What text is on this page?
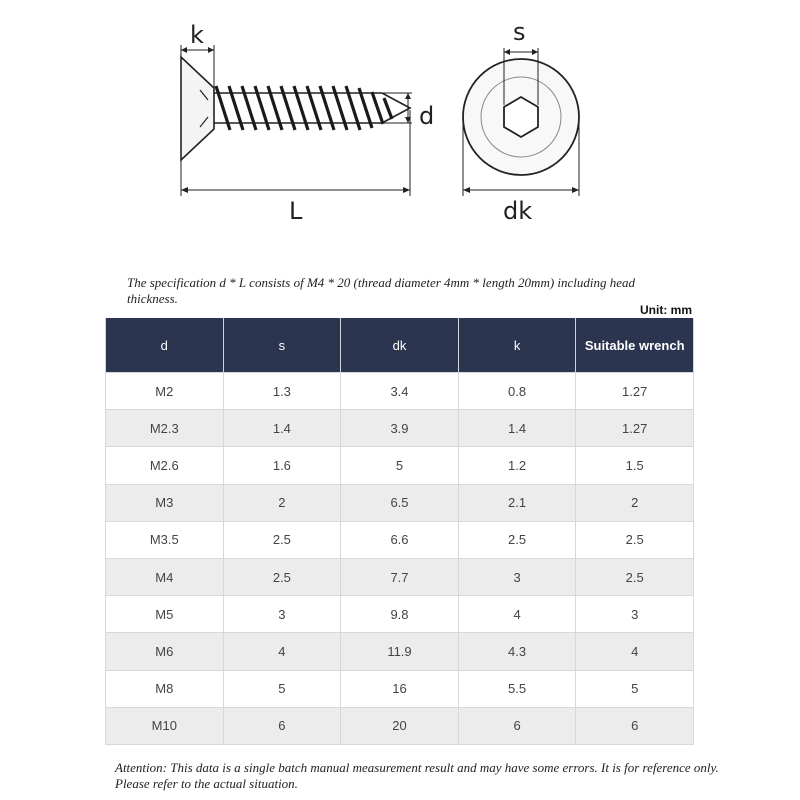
k
d
L
s
dk

The specification d * L consists of M4 * 20 (thread diameter 4mm * length 20mm) including head thickness.

Unit: mm
d	s	dk	k	Suitable wrench
M2	1.3	3.4	0.8	1.27
M2.3	1.4	3.9	1.4	1.27
M2.6	1.6	5	1.2	1.5
M3	2	6.5	2.1	2
M3.5	2.5	6.6	2.5	2.5
M4	2.5	7.7	3	2.5
M5	3	9.8	4	3
M6	4	11.9	4.3	4
M8	5	16	5.5	5
M10	6	20	6	6

Attention: This data is a single batch manual measurement result and may have some errors. It is for reference only. Please refer to the actual situation.
